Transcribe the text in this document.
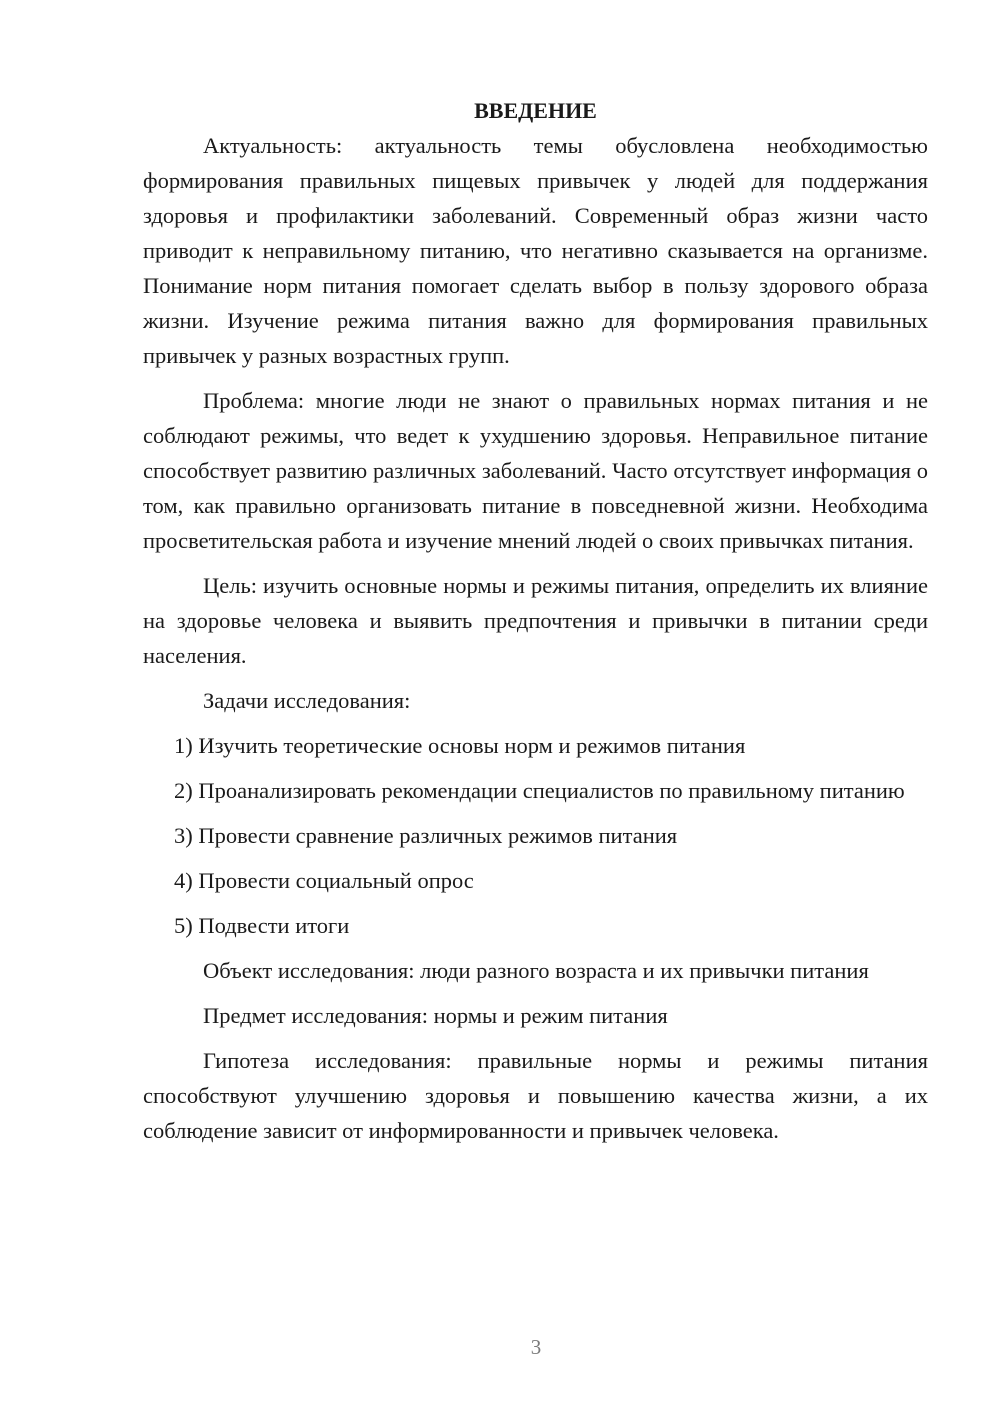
ВВЕДЕНИЕ

Актуальность: актуальность темы обусловлена необходимостью формирования правильных пищевых привычек у людей для поддержания здоровья и профилактики заболеваний. Современный образ жизни часто приводит к неправильному питанию, что негативно сказывается на организме. Понимание норм питания помогает сделать выбор в пользу здорового образа жизни. Изучение режима питания важно для формирования правильных привычек у разных возрастных групп.

Проблема: многие люди не знают о правильных нормах питания и не соблюдают режимы, что ведет к ухудшению здоровья. Неправильное питание способствует развитию различных заболеваний. Часто отсутствует информация о том, как правильно организовать питание в повседневной жизни. Необходима просветительская работа и изучение мнений людей о своих привычках питания.

Цель: изучить основные нормы и режимы питания, определить их влияние на здоровье человека и выявить предпочтения и привычки в питании среди населения.

Задачи исследования:

1) Изучить теоретические основы норм и режимов питания

2) Проанализировать рекомендации специалистов по правильному питанию

3) Провести сравнение различных режимов питания

4) Провести социальный опрос

5) Подвести итоги

Объект исследования: люди разного возраста и их привычки питания

Предмет исследования: нормы и режим питания

Гипотеза исследования: правильные нормы и режимы питания способствуют улучшению здоровья и повышению качества жизни, а их соблюдение зависит от информированности и привычек человека.

3
